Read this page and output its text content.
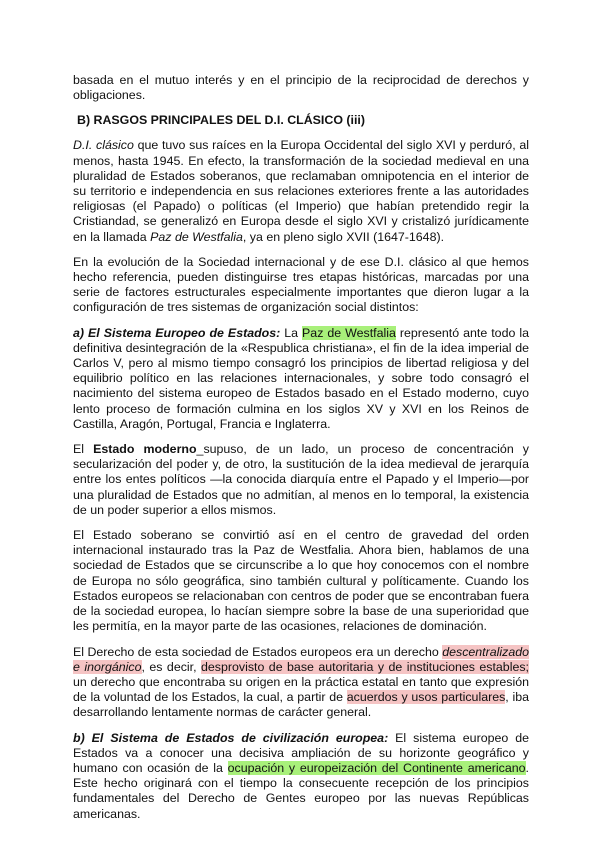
basada en el mutuo interés y en el principio de la reciprocidad de derechos y obligaciones.

B) RASGOS PRINCIPALES DEL D.I. CLÁSICO (iii)

D.I. clásico que tuvo sus raíces en la Europa Occidental del siglo XVI y perduró, al menos, hasta 1945. En efecto, la transformación de la sociedad medieval en una pluralidad de Estados soberanos, que reclamaban omnipotencia en el interior de su territorio e independencia en sus relaciones exteriores frente a las autoridades religiosas (el Papado) o políticas (el Imperio) que habían pretendido regir la Cristiandad, se generalizó en Europa desde el siglo XVI y cristalizó jurídicamente en la llamada Paz de Westfalia, ya en pleno siglo XVII (1647-1648).

En la evolución de la Sociedad internacional y de ese D.I. clásico al que hemos hecho referencia, pueden distinguirse tres etapas históricas, marcadas por una serie de factores estructurales especialmente importantes que dieron lugar a la configuración de tres sistemas de organización social distintos:

a) El Sistema Europeo de Estados: La Paz de Westfalia representó ante todo la definitiva desintegración de la «Respublica christiana», el fin de la idea imperial de Carlos V, pero al mismo tiempo consagró los principios de libertad religiosa y del equilibrio político en las relaciones internacionales, y sobre todo consagró el nacimiento del sistema europeo de Estados basado en el Estado moderno, cuyo lento proceso de formación culmina en los siglos XV y XVI en los Reinos de Castilla, Aragón, Portugal, Francia e Inglaterra.

El Estado moderno_supuso, de un lado, un proceso de concentración y secularización del poder y, de otro, la sustitución de la idea medieval de jerarquía entre los entes políticos —la conocida diarquía entre el Papado y el Imperio—por una pluralidad de Estados que no admitían, al menos en lo temporal, la existencia de un poder superior a ellos mismos.

El Estado soberano se convirtió así en el centro de gravedad del orden internacional instaurado tras la Paz de Westfalia. Ahora bien, hablamos de una sociedad de Estados que se circunscribe a lo que hoy conocemos con el nombre de Europa no sólo geográfica, sino también cultural y políticamente. Cuando los Estados europeos se relacionaban con centros de poder que se encontraban fuera de la sociedad europea, lo hacían siempre sobre la base de una superioridad que les permitía, en la mayor parte de las ocasiones, relaciones de dominación.

El Derecho de esta sociedad de Estados europeos era un derecho descentralizado e inorgánico, es decir, desprovisto de base autoritaria y de instituciones estables; un derecho que encontraba su origen en la práctica estatal en tanto que expresión de la voluntad de los Estados, la cual, a partir de acuerdos y usos particulares, iba desarrollando lentamente normas de carácter general.

b) El Sistema de Estados de civilización europea: El sistema europeo de Estados va a conocer una decisiva ampliación de su horizonte geográfico y humano con ocasión de la ocupación y europeización del Continente americano. Este hecho originará con el tiempo la consecuente recepción de los principios fundamentales del Derecho de Gentes europeo por las nuevas Repúblicas americanas.
